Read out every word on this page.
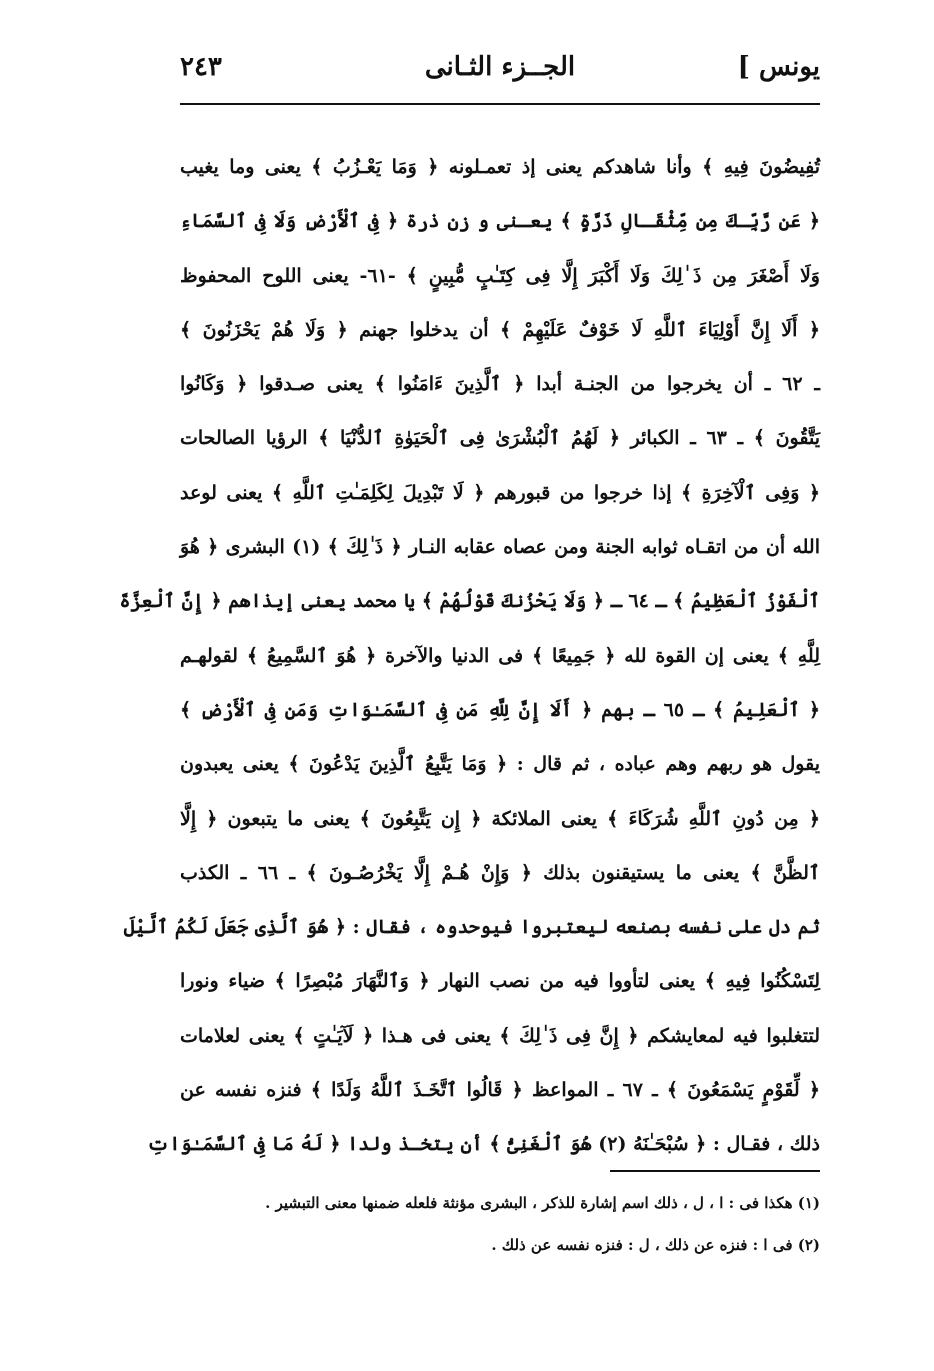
يونس ]
الجــزء الثـانى
٢٤٣
تُفِيضُونَ فِيهِ ﴾ وأنا شاهدكم يعنى إذ تعمـلونه ﴿ وَمَا يَعْـزُبُ ﴾ يعنى وما يغيب
﴿ عَن رَّبِّـكَ مِن مِّثْقَـالِ ذَرَّةٍ ﴾ يعـنى و زن ذرة ﴿ فِى ٱلْأَرْضِ وَلَا فِى ٱلسَّمَاءِ
وَلَا أَصْغَرَ مِن ذَ ٰلِكَ وَلَا أَكْبَرَ إِلَّا فِى كِتَـٰبٍ مُّبِينٍ ﴾ -٦١- يعنى اللوح المحفوظ
﴿ أَلَا إِنَّ أَوْلِيَاءَ ٱللَّهِ لَا خَوْفٌ عَلَيْهِمْ ﴾ أن يدخلوا جهنم ﴿ وَلَا هُمْ يَحْزَنُونَ ﴾
ـ ٦٢ ـ أن يخرجوا من الجنـة أبدا ﴿ ٱلَّذِينَ ءَامَنُوا ﴾ يعنى صـدقوا ﴿ وَكَانُوا
يَتَّقُونَ ﴾ ـ ٦٣ ـ الكبائر ﴿ لَهُمُ ٱلْبُشْرَىٰ فِى ٱلْحَيَوٰةِ ٱلدُّنْيَا ﴾ الرؤيا الصالحات
﴿ وَفِى ٱلْآخِرَةِ ﴾ إذا خرجوا من قبورهم ﴿ لَا تَبْدِيلَ لِكَلِمَـٰتِ ٱللَّهِ ﴾ يعنى لوعد
الله أن من اتقـاه ثوابه الجنة ومن عصاه عقابه النـار ﴿ ذَ ٰلِكَ ﴾ (١) البشرى ﴿ هُوَ
ٱلْفَوْزُ ٱلْعَظِيمُ ﴾ ـ ٦٤ ـ ﴿ وَلَا يَحْزُنكَ قَوْلُهُمْ ﴾ يا محمد يعنى إيذاهم ﴿ إِنَّ ٱلْعِزَّةَ
لِلَّهِ ﴾ يعنى إن القوة لله ﴿ جَمِيعًا ﴾ فى الدنيا والآخرة ﴿ هُوَ ٱلسَّمِيعُ ﴾ لقولهـم
﴿ ٱلْعَلِيمُ ﴾ ـ ٦٥ ـ بهم ﴿ أَلَا إِنَّ لِلَّهِ مَن فِى ٱلسَّمَـٰوَاتِ وَمَن فِى ٱلْأَرْضِ ﴾
يقول هو ربهم وهم عباده ، ثم قال : ﴿ وَمَا يَتَّبِعُ ٱلَّذِينَ يَدْعُونَ ﴾ يعنى يعبدون
﴿ مِن دُونِ ٱللَّهِ شُرَكَاءَ ﴾ يعنى الملائكة ﴿ إِن يَتَّبِعُونَ ﴾ يعنى ما يتبعون ﴿ إِلَّا
ٱلظَّنَّ ﴾ يعنى ما يستيقنون بذلك ﴿ وَإِنْ هُـمْ إِلَّا يَخْرُصُـونَ ﴾ ـ ٦٦ ـ الكذب
ثم دل على نفسه بصنعه ليعتبروا فيوحدوه ، فقال : ﴿ هُوَ ٱلَّذِى جَعَلَ لَكُمُ ٱلَّيْلَ
لِتَسْكُنُوا فِيهِ ﴾ يعنى لتأووا فيه من نصب النهار ﴿ وَٱلنَّهَارَ مُبْصِرًا ﴾ ضياء ونورا
لتتغلبوا فيه لمعايشكم ﴿ إِنَّ فِى ذَ ٰلِكَ ﴾ يعنى فى هـذا ﴿ لَآيَـٰتٍ ﴾ يعنى لعلامات
﴿ لِّقَوْمٍ يَسْمَعُونَ ﴾ ـ ٦٧ ـ المواعظ ﴿ قَالُوا ٱتَّخَـذَ ٱللَّهُ وَلَدًا ﴾ فنزه نفسه عن
ذلك ، فقـال : ﴿ سُبْحَـٰنَهُ (٢) هُوَ ٱلْغَنِىُّ ﴾ أن يتخـذ ولدا ﴿ لَهُ مَا فِى ٱلسَّمَـٰوَاتِ
(١) هكذا فى : ا ، ل ، ذلك اسم إشارة للذكر ، البشرى مؤنثة فلعله ضمنها معنى التبشير .
(٢) فى ا : فنزه عن ذلك ، ل : فنزه نفسه عن ذلك .
